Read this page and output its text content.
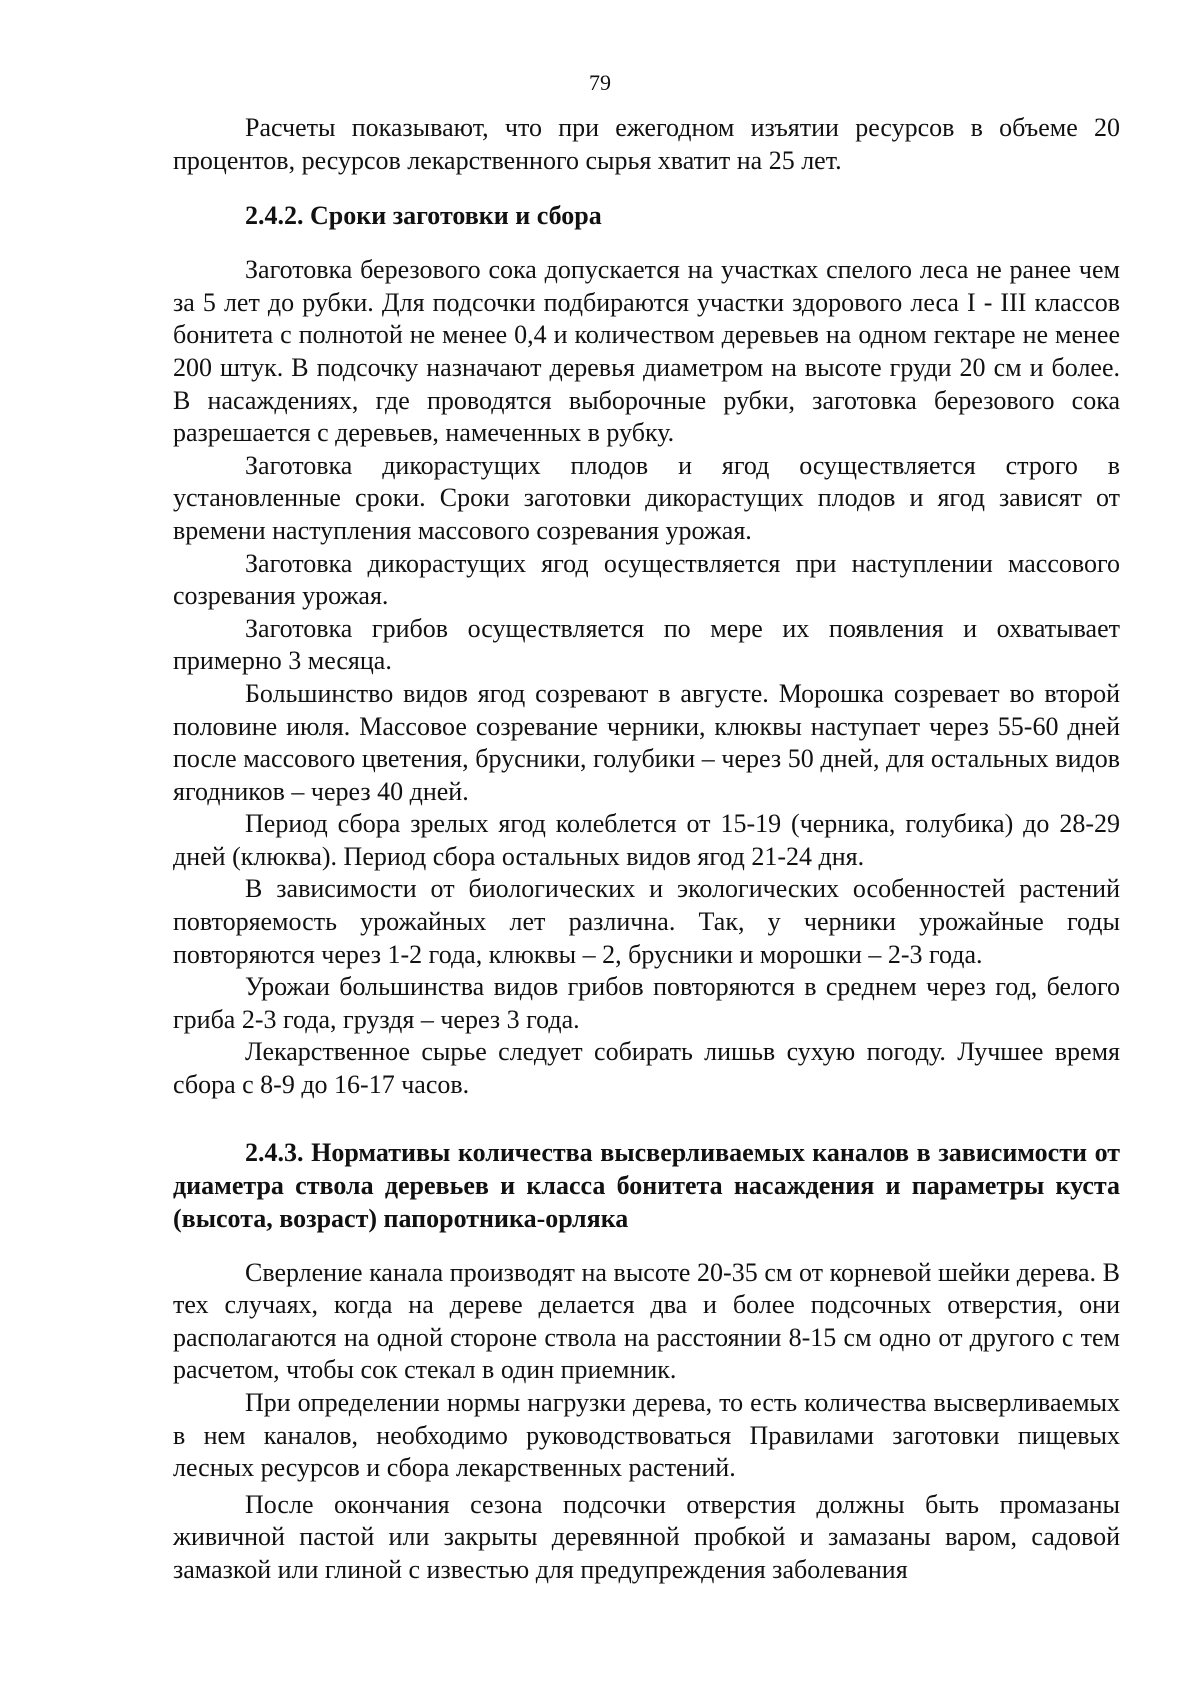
79

Расчеты показывают, что при ежегодном изъятии ресурсов в объеме 20 процентов, ресурсов лекарственного сырья хватит на 25 лет.

2.4.2. Сроки заготовки и сбора

Заготовка березового сока допускается на участках спелого леса не ранее чем за 5 лет до рубки. Для подсочки подбираются участки здорового леса I - III классов бонитета с полнотой не менее 0,4 и количеством деревьев на одном гектаре не менее 200 штук. В подсочку назначают деревья диаметром на высоте груди 20 см и более. В насаждениях, где проводятся выборочные рубки, заготовка березового сока разрешается с деревьев, намеченных в рубку.

Заготовка дикорастущих плодов и ягод осуществляется строго в установленные сроки. Сроки заготовки дикорастущих плодов и ягод зависят от времени наступления массового созревания урожая.

Заготовка дикорастущих ягод осуществляется при наступлении массового созревания урожая.

Заготовка грибов осуществляется по мере их появления и охватывает примерно 3 месяца.

Большинство видов ягод созревают в августе. Морошка созревает во второй половине июля. Массовое созревание черники, клюквы наступает через 55-60 дней после массового цветения, брусники, голубики – через 50 дней, для остальных видов ягодников – через 40 дней.

Период сбора зрелых ягод колеблется от 15-19 (черника, голубика) до 28-29 дней (клюква). Период сбора остальных видов ягод 21-24 дня.

В зависимости от биологических и экологических особенностей растений повторяемость урожайных лет различна. Так, у черники урожайные годы повторяются через 1-2 года, клюквы – 2, брусники и морошки – 2-3 года.

Урожаи большинства видов грибов повторяются в среднем через год, белого гриба 2-3 года, груздя – через 3 года.

Лекарственное сырье следует собирать лишьв сухую погоду. Лучшее время сбора с 8-9 до 16-17 часов.

2.4.3. Нормативы количества высверливаемых каналов в зависимости от диаметра ствола деревьев и класса бонитета насаждения и параметры куста (высота, возраст) папоротника-орляка

Сверление канала производят на высоте 20-35 см от корневой шейки дерева. В тех случаях, когда на дереве делается два и более подсочных отверстия, они располагаются на одной стороне ствола на расстоянии 8-15 см одно от другого с тем расчетом, чтобы сок стекал в один приемник.

При определении нормы нагрузки дерева, то есть количества высверливаемых в нем каналов, необходимо руководствоваться Правилами заготовки пищевых лесных ресурсов и сбора лекарственных растений.

После окончания сезона подсочки отверстия должны быть промазаны живичной пастой или закрыты деревянной пробкой и замазаны варом, садовой замазкой или глиной с известью для предупреждения заболевания
